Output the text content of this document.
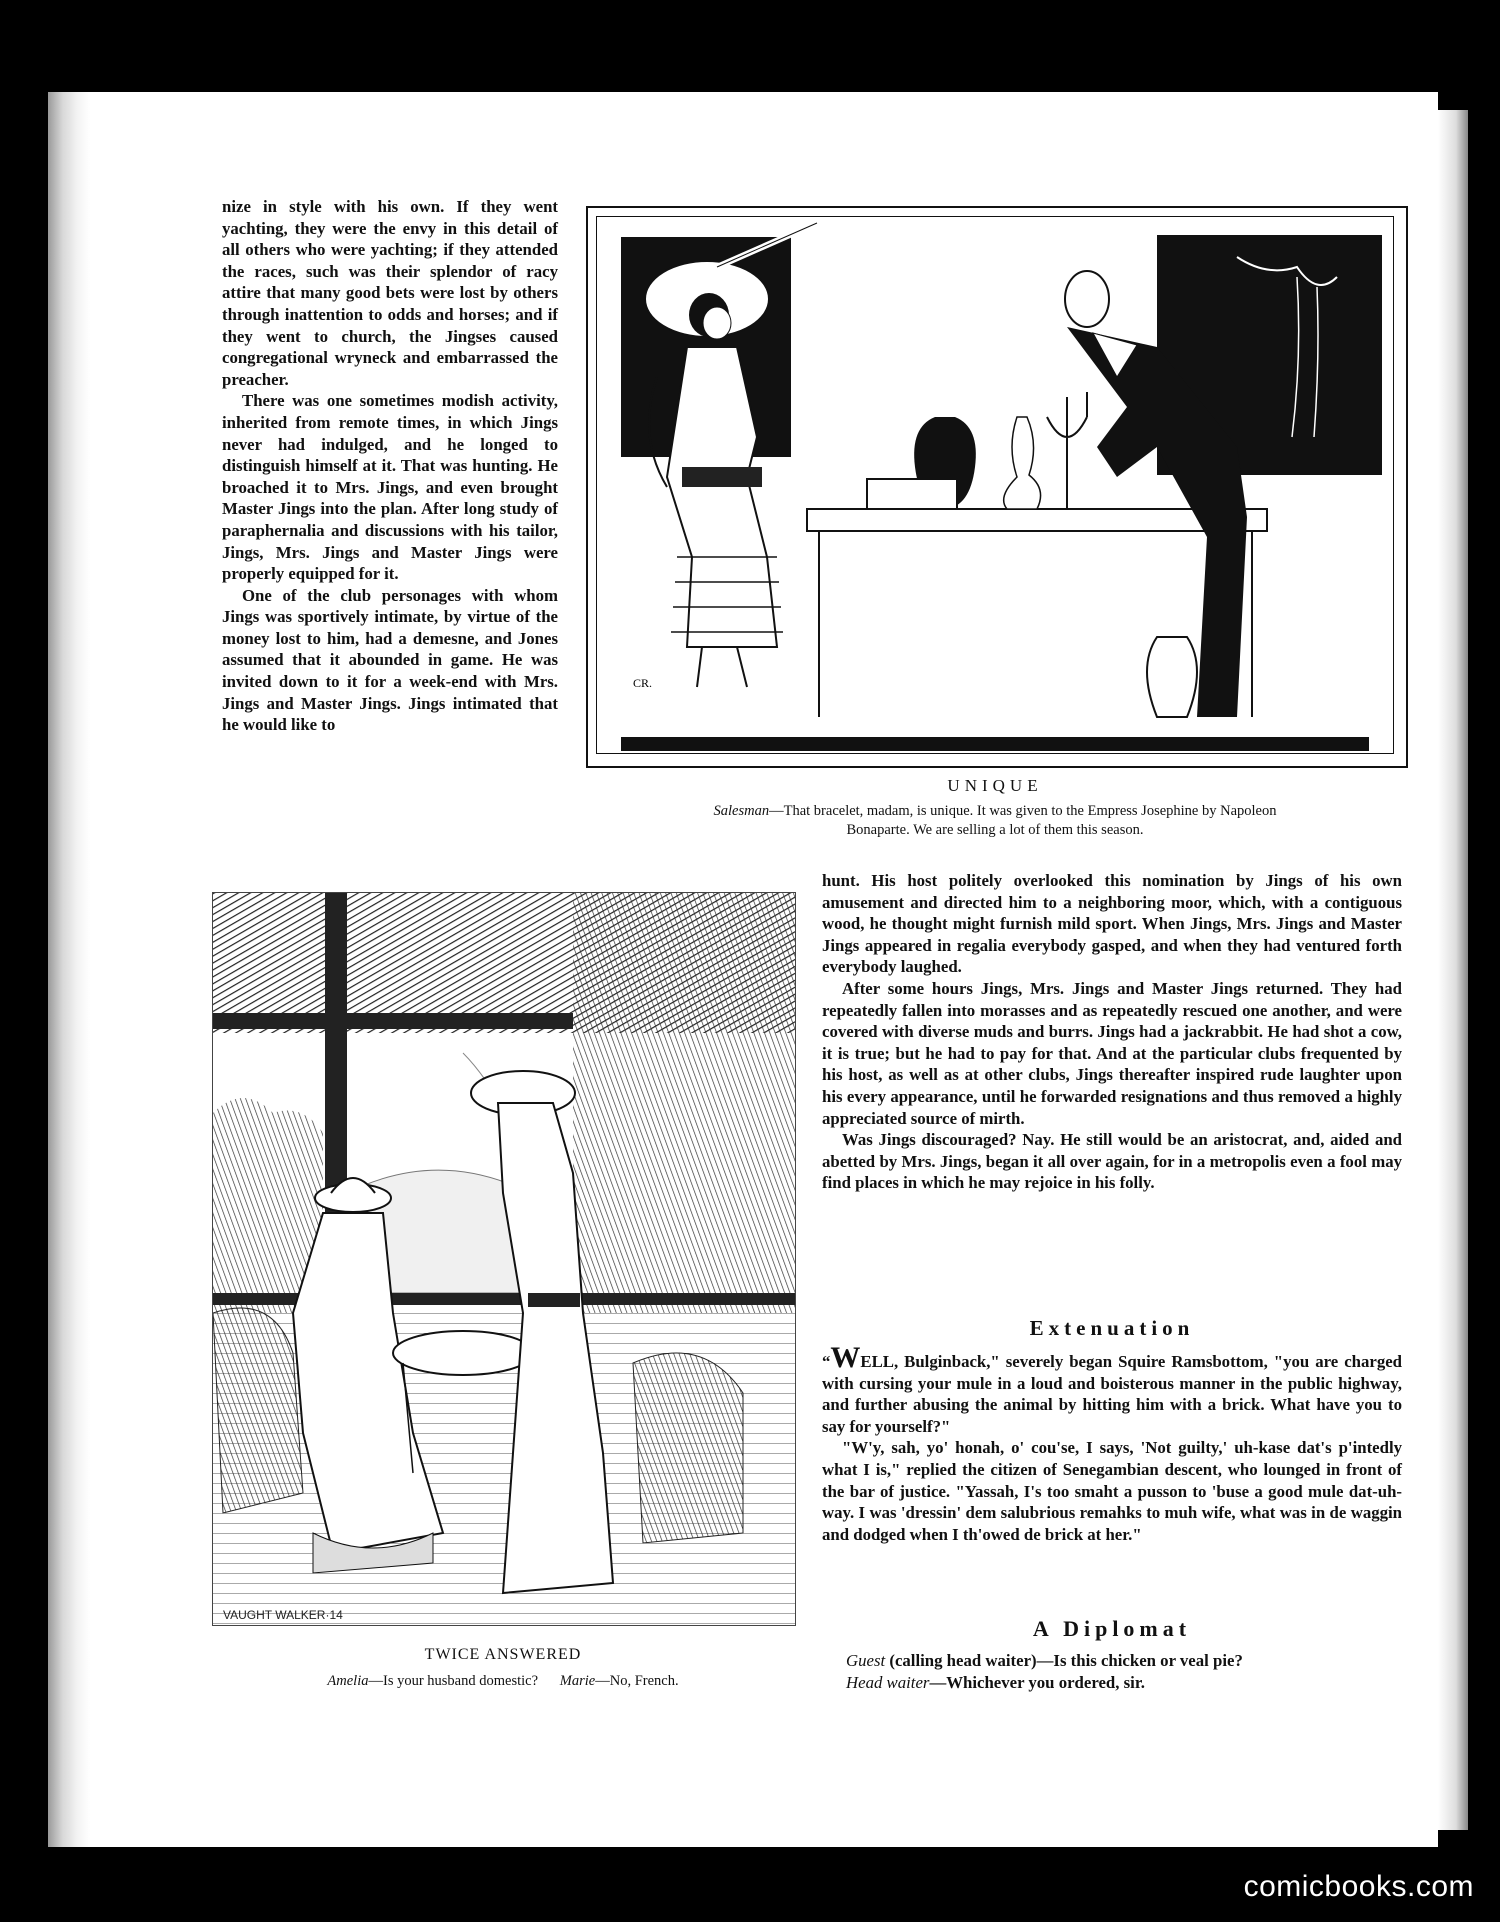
nize in style with his own. If they went yachting, they were the envy in this detail of all others who were yachting; if they attended the races, such was their splendor of racy attire that many good bets were lost by others through inattention to odds and horses; and if they went to church, the Jingses caused congregational wryneck and embarrassed the preacher.

There was one sometimes modish activity, inherited from remote times, in which Jings never had indulged, and he longed to distinguish himself at it. That was hunting. He broached it to Mrs. Jings, and even brought Master Jings into the plan. After long study of paraphernalia and discussions with his tailor, Jings, Mrs. Jings and Master Jings were properly equipped for it.

One of the club personages with whom Jings was sportively intimate, by virtue of the money lost to him, had a demesne, and Jones assumed that it abounded in game. He was invited down to it for a week-end with Mrs. Jings and Master Jings. Jings intimated that he would like to

CR.
UNIQUE
Salesman—That bracelet, madam, is unique. It was given to the Empress Josephine by Napoleon
Bonaparte. We are selling a lot of them this season.
VAUGHT WALKER·14
TWICE ANSWERED
Amelia—Is your husband domestic? Marie—No, French.

hunt. His host politely overlooked this nomination by Jings of his own amusement and directed him to a neighboring moor, which, with a contiguous wood, he thought might furnish mild sport. When Jings, Mrs. Jings and Master Jings appeared in regalia everybody gasped, and when they had ventured forth everybody laughed.

After some hours Jings, Mrs. Jings and Master Jings returned. They had repeatedly fallen into morasses and as repeatedly rescued one another, and were covered with diverse muds and burrs. Jings had a jackrabbit. He had shot a cow, it is true; but he had to pay for that. And at the particular clubs frequented by his host, as well as at other clubs, Jings thereafter inspired rude laughter upon his every appearance, until he forwarded resignations and thus removed a highly appreciated source of mirth.

Was Jings discouraged? Nay. He still would be an aristocrat, and, aided and abetted by Mrs. Jings, began it all over again, for in a metropolis even a fool may find places in which he may rejoice in his folly.

Extenuation

“WELL, Bulginback," severely began Squire Ramsbottom, "you are charged with cursing your mule in a loud and boisterous manner in the public highway, and further abusing the animal by hitting him with a brick. What have you to say for yourself?"

"W'y, sah, yo' honah, o' cou'se, I says, 'Not guilty,' uh-kase dat's p'intedly what I is," replied the citizen of Senegambian descent, who lounged in front of the bar of justice. "Yassah, I's too smaht a pusson to 'buse a good mule dat-uh-way. I was 'dressin' dem salubrious remahks to muh wife, what was in de waggin and dodged when I th'owed de brick at her."

A Diplomat

Guest (calling head waiter)—Is this chicken or veal pie?

Head waiter—Whichever you ordered, sir.

comicbooks.com
